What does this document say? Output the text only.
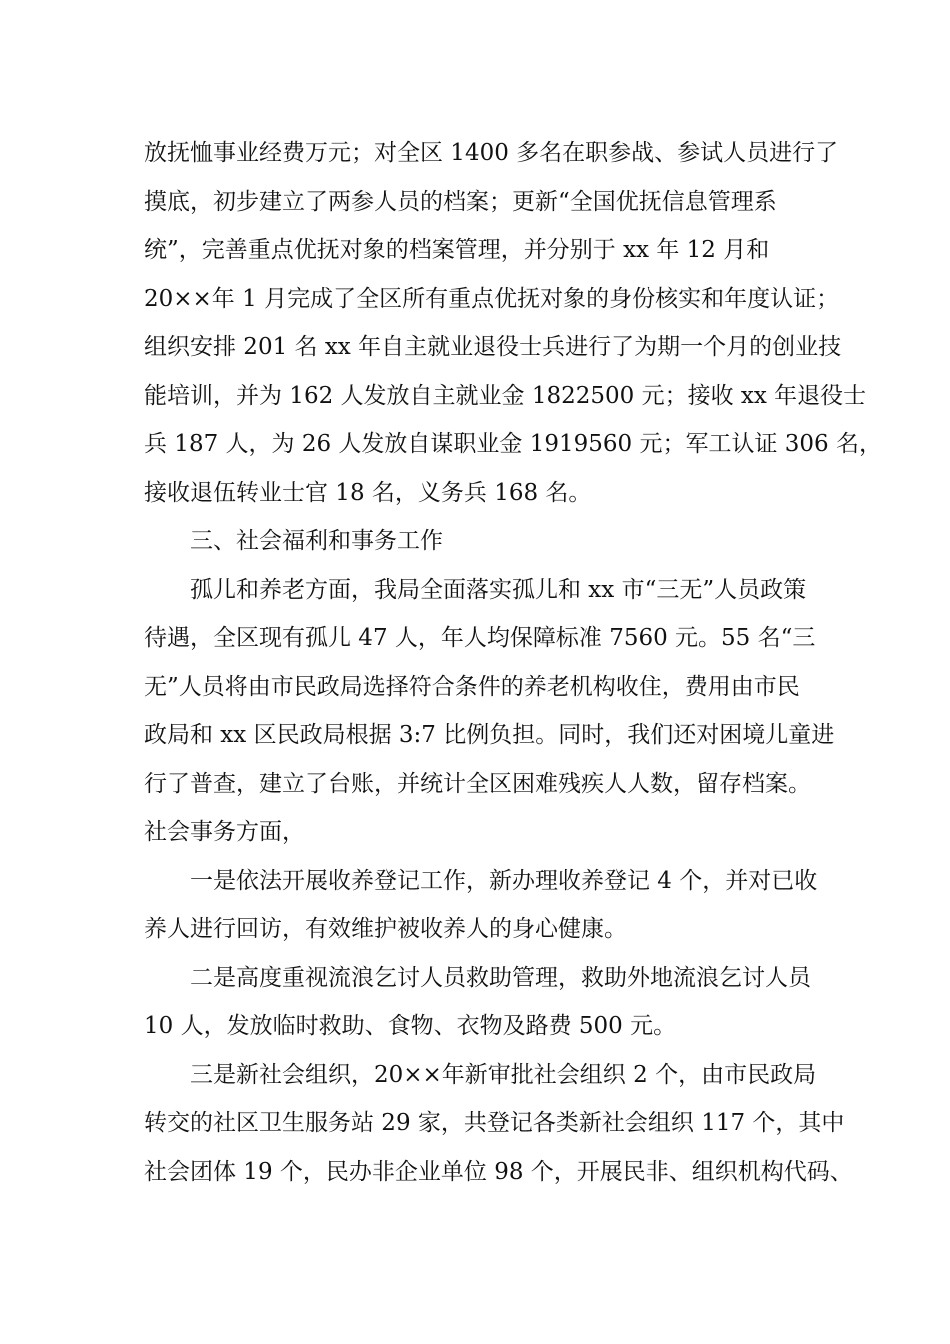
放抚恤事业经费万元；对全区 1400 多名在职参战、参试人员进行了
摸底，初步建立了两参人员的档案；更新“全国优抚信息管理系
统”，完善重点优抚对象的档案管理，并分别于 xx 年 12 月和
20××年 1 月完成了全区所有重点优抚对象的身份核实和年度认证；
组织安排 201 名 xx 年自主就业退役士兵进行了为期一个月的创业技
能培训，并为 162 人发放自主就业金 1822500 元；接收 xx 年退役士
兵 187 人，为 26 人发放自谋职业金 1919560 元；军工认证 306 名，
接收退伍转业士官 18 名，义务兵 168 名。
三、社会福利和事务工作
孤儿和养老方面，我局全面落实孤儿和 xx 市“三无”人员政策
待遇，全区现有孤儿 47 人，年人均保障标准 7560 元。55 名“三
无”人员将由市民政局选择符合条件的养老机构收住，费用由市民
政局和 xx 区民政局根据 3:7 比例负担。同时，我们还对困境儿童进
行了普查，建立了台账，并统计全区困难残疾人人数，留存档案。
社会事务方面，
一是依法开展收养登记工作，新办理收养登记 4 个，并对已收
养人进行回访，有效维护被收养人的身心健康。
二是高度重视流浪乞讨人员救助管理，救助外地流浪乞讨人员
10 人，发放临时救助、食物、衣物及路费 500 元。
三是新社会组织，20××年新审批社会组织 2 个，由市民政局
转交的社区卫生服务站 29 家，共登记各类新社会组织 117 个，其中
社会团体 19 个，民办非企业单位 98 个，开展民非、组织机构代码、
